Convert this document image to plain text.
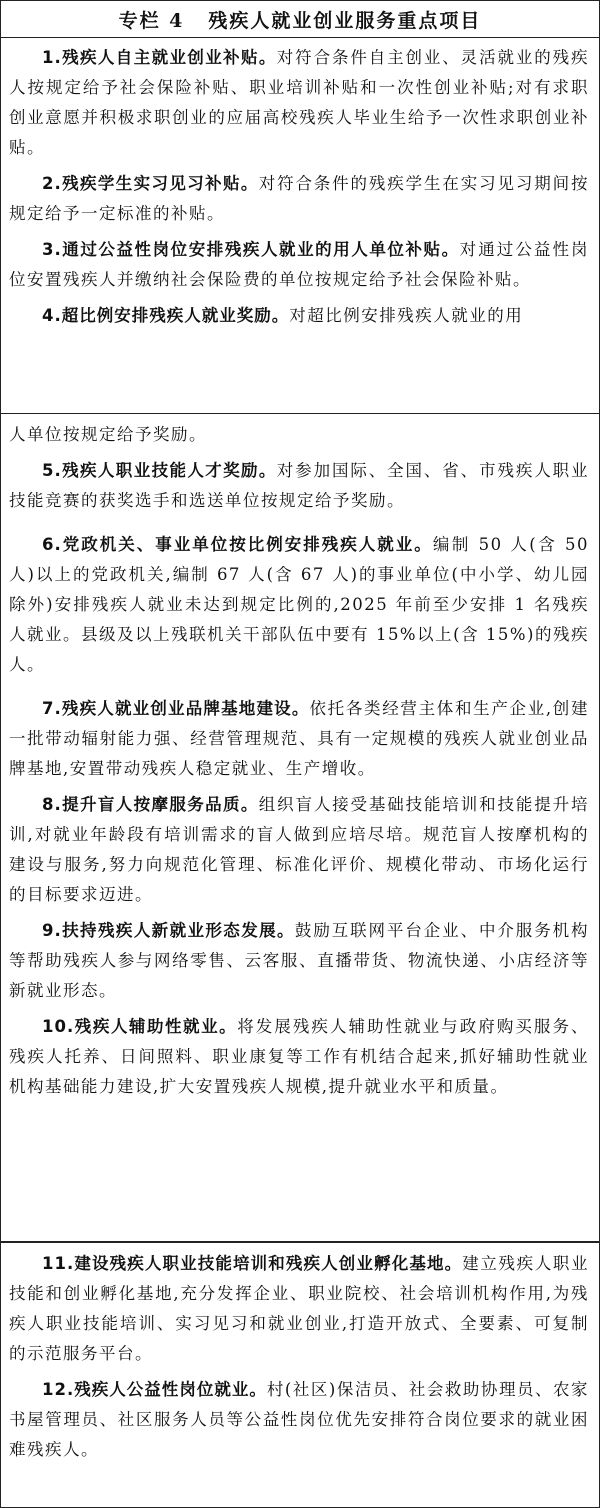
专栏 4 残疾人就业创业服务重点项目

1.残疾人自主就业创业补贴。对符合条件自主创业、灵活就业的残疾人按规定给予社会保险补贴、职业培训补贴和一次性创业补贴;对有求职创业意愿并积极求职创业的应届高校残疾人毕业生给予一次性求职创业补贴。

2.残疾学生实习见习补贴。对符合条件的残疾学生在实习见习期间按规定给予一定标准的补贴。

3.通过公益性岗位安排残疾人就业的用人单位补贴。对通过公益性岗位安置残疾人并缴纳社会保险费的单位按规定给予社会保险补贴。

4.超比例安排残疾人就业奖励。对超比例安排残疾人就业的用

人单位按规定给予奖励。

5.残疾人职业技能人才奖励。对参加国际、全国、省、市残疾人职业技能竞赛的获奖选手和选送单位按规定给予奖励。

6.党政机关、事业单位按比例安排残疾人就业。编制 50 人(含 50 人)以上的党政机关,编制 67 人(含 67 人)的事业单位(中小学、幼儿园除外)安排残疾人就业未达到规定比例的,2025 年前至少安排 1 名残疾人就业。县级及以上残联机关干部队伍中要有 15%以上(含 15%)的残疾人。

7.残疾人就业创业品牌基地建设。依托各类经营主体和生产企业,创建一批带动辐射能力强、经营管理规范、具有一定规模的残疾人就业创业品牌基地,安置带动残疾人稳定就业、生产增收。

8.提升盲人按摩服务品质。组织盲人接受基础技能培训和技能提升培训,对就业年龄段有培训需求的盲人做到应培尽培。规范盲人按摩机构的建设与服务,努力向规范化管理、标准化评价、规模化带动、市场化运行的目标要求迈进。

9.扶持残疾人新就业形态发展。鼓励互联网平台企业、中介服务机构等帮助残疾人参与网络零售、云客服、直播带货、物流快递、小店经济等新就业形态。

10.残疾人辅助性就业。将发展残疾人辅助性就业与政府购买服务、残疾人托养、日间照料、职业康复等工作有机结合起来,抓好辅助性就业机构基础能力建设,扩大安置残疾人规模,提升就业水平和质量。

11.建设残疾人职业技能培训和残疾人创业孵化基地。建立残疾人职业技能和创业孵化基地,充分发挥企业、职业院校、社会培训机构作用,为残疾人职业技能培训、实习见习和就业创业,打造开放式、全要素、可复制的示范服务平台。

12.残疾人公益性岗位就业。村(社区)保洁员、社会救助协理员、农家书屋管理员、社区服务人员等公益性岗位优先安排符合岗位要求的就业困难残疾人。
